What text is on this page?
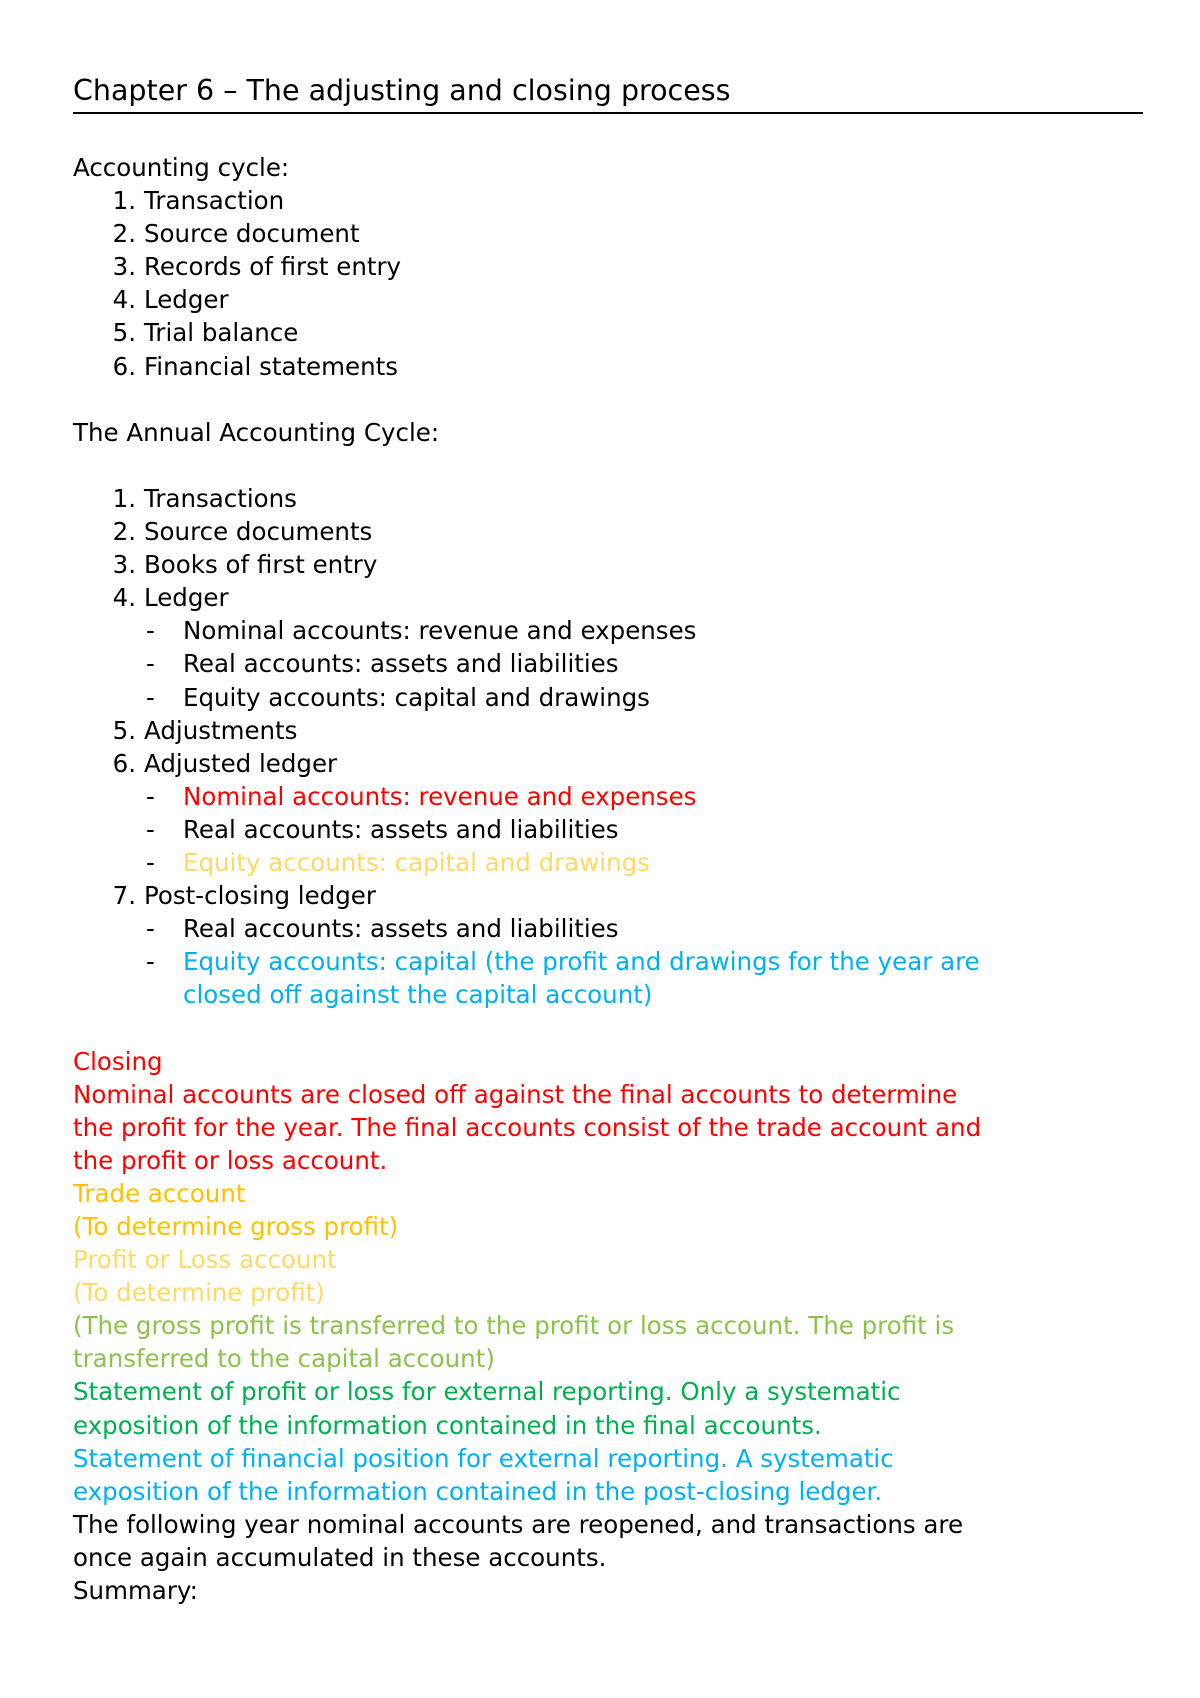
Chapter 6 – The adjusting and closing process
Accounting cycle:
1. Transaction
2. Source document
3. Records of first entry
4. Ledger
5. Trial balance
6. Financial statements
The Annual Accounting Cycle:
1. Transactions
2. Source documents
3. Books of first entry
4. Ledger
- Nominal accounts: revenue and expenses
- Real accounts: assets and liabilities
- Equity accounts: capital and drawings
5. Adjustments
6. Adjusted ledger
- Nominal accounts: revenue and expenses
- Real accounts: assets and liabilities
- Equity accounts: capital and drawings
7. Post-closing ledger
- Real accounts: assets and liabilities
- Equity accounts: capital (the profit and drawings for the year are
closed off against the capital account)
Closing
Nominal accounts are closed off against the final accounts to determine
the profit for the year. The final accounts consist of the trade account and
the profit or loss account.
Trade account
(To determine gross profit)
Profit or Loss account
(To determine profit)
(The gross profit is transferred to the profit or loss account. The profit is
transferred to the capital account)
Statement of profit or loss for external reporting. Only a systematic
exposition of the information contained in the final accounts.
Statement of financial position for external reporting. A systematic
exposition of the information contained in the post-closing ledger.
The following year nominal accounts are reopened, and transactions are
once again accumulated in these accounts.
Summary:
